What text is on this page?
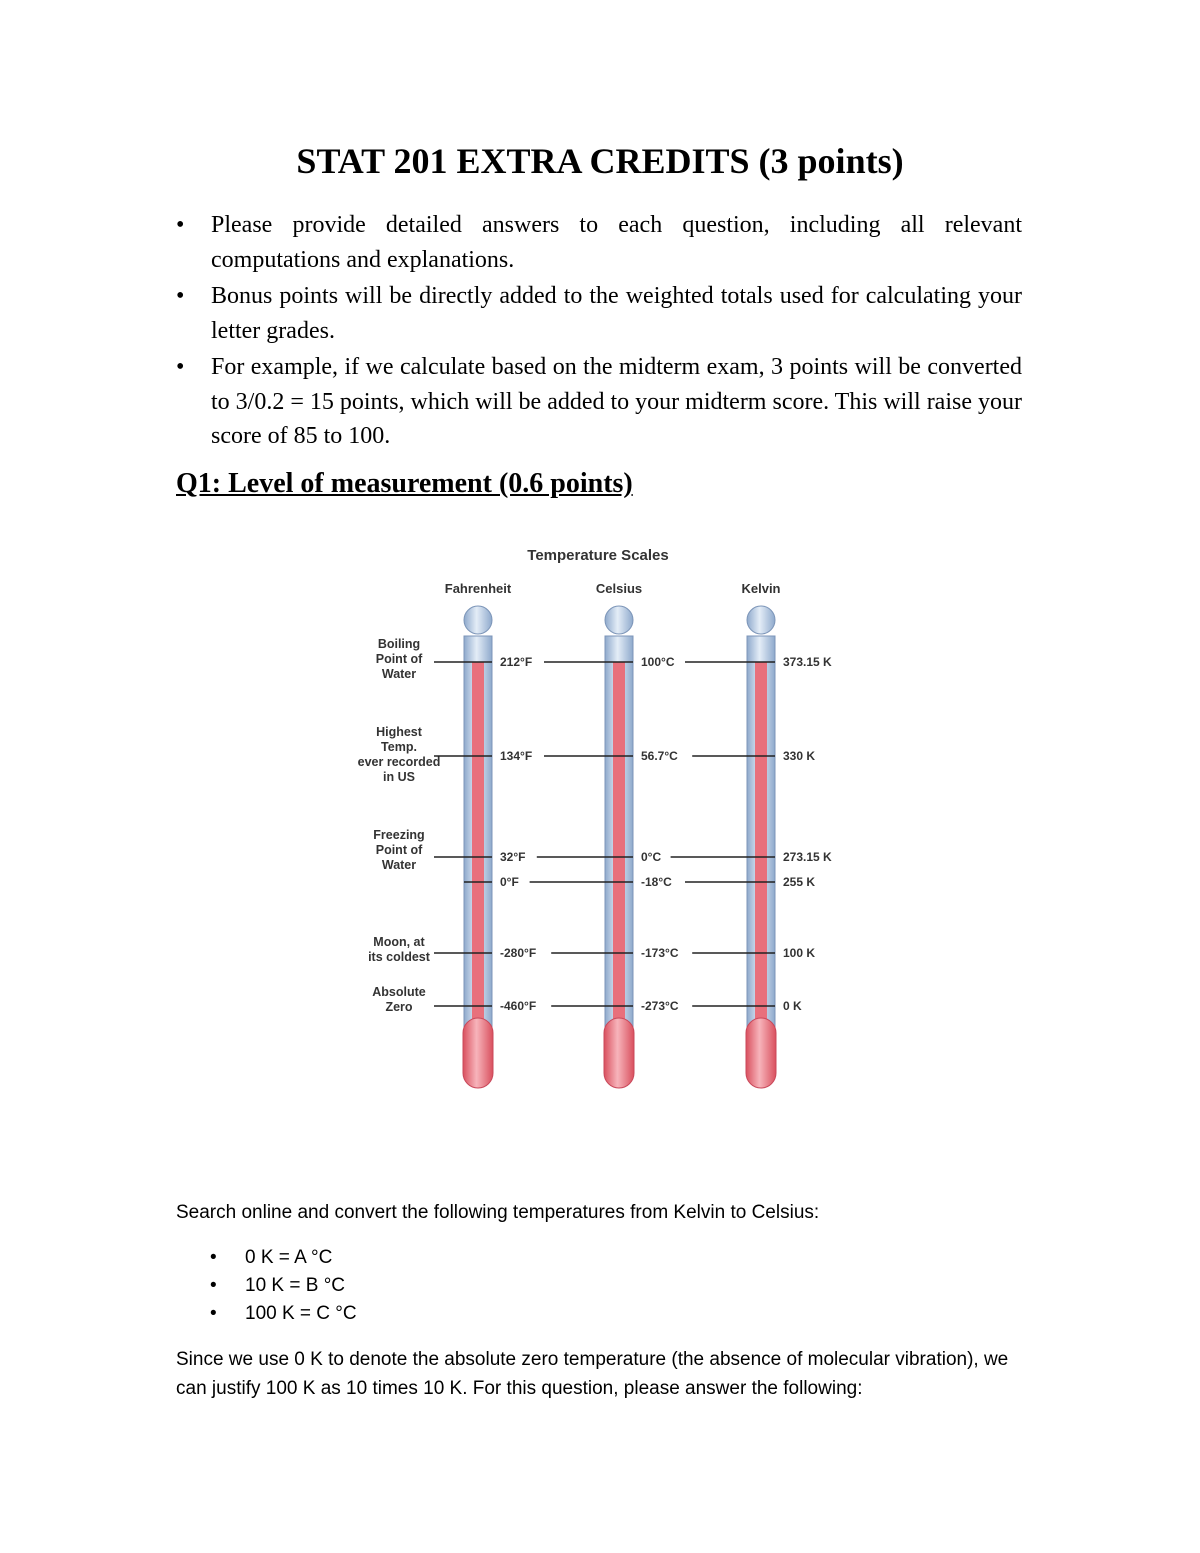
STAT 201 EXTRA CREDITS (3 points)
• Please provide detailed answers to each question, including all relevant computations and explanations.
• Bonus points will be directly added to the weighted totals used for calculating your letter grades.
• For example, if we calculate based on the midterm exam, 3 points will be converted to 3/0.2 = 15 points, which will be added to your midterm score. This will raise your score of 85 to 100.
Q1: Level of measurement (0.6 points)
Temperature Scales
Fahrenheit	Celsius	Kelvin
Boiling
Point of
Water
212°F	100°C	373.15 K
Highest
Temp.
ever recorded
in US
134°F	56.7°C	330 K
Freezing
Point of
Water
32°F	0°C	273.15 K
0°F	-18°C	255 K
Moon, at
its coldest	-280°F	-173°C	100 K
Absolute
Zero	-460°F	-273°C	0 K

Search online and convert the following temperatures from Kelvin to Celsius:

• 0 K = A °C
• 10 K = B °C
• 100 K = C °C

Since we use 0 K to denote the absolute zero temperature (the absence of molecular vibration), we can justify 100 K as 10 times 10 K. For this question, please answer the following:
